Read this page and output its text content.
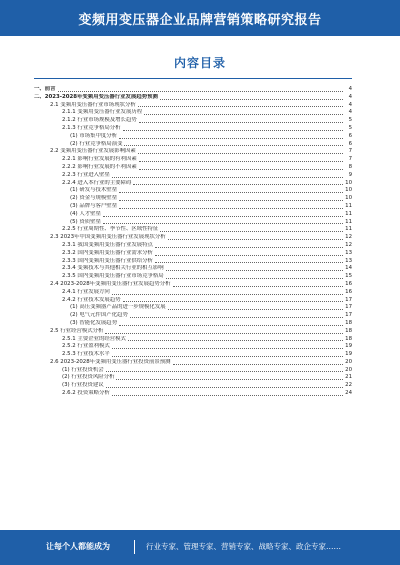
变频用变压器企业品牌营销策略研究报告
内容目录
一、前言	4
二、2023-2028年变频用变压器行业发展趋势预测	4
2.1 变频用变压器行业市场现状分析	4
2.1.1 变频用变压器行业发展历程	4
2.1.2 行业市场规模及增长趋势	5
2.1.3 行业竞争格局分析	5
(1) 市场集中度分析	6
(2) 行业竞争格局演变	6
2.2 变频用变压器行业发展影响因素	7
2.2.1 影响行业发展的有利因素	7
2.2.2 影响行业发展的不利因素	8
2.2.3 行业进入壁垒	9
2.2.4 进入本行业的主要障碍	10
(1) 研发与技术壁垒	10
(2) 资金与规模壁垒	10
(3) 品牌与客户壁垒	11
(4) 人才壁垒	11
(5) 资质壁垒	11
2.2.5 行业周期性、季节性、区域性特征	11
2.3 2023年中国变频用变压器行业发展现状分析	12
2.3.1 我国变频用变压器行业发展特点	12
2.3.2 国内变频用变压器行业需求分析	13
2.3.3 国内变频用变压器行业供给分析	13
2.3.4 变频技术与其他相关行业的相互影响	14
2.3.5 国内变频用变压器行业市场竞争格局	15
2.4 2023-2028年变频用变压器行业发展趋势分析	16
2.4.1 行业发展方向	16
2.4.2 行业技术发展趋势	17
(1) 高压变频器产品的进一步规模化发展	17
(2) 电气元件国产化趋势	17
(3) 智能化发展趋势	18
2.5 行业经营模式分析	18
2.5.1 主要企业的经营模式	18
2.5.2 行业盈利模式	19
2.5.3 行业技术水平	19
2.6 2023-2028年变频用变压器行业投资前景预测	20
(1) 行业投资机会	20
(2) 行业投资风险分析	21
(3) 行业投资建议	22
2.6.2 投资策略分析	24
让每个人都能成为	行业专家、管理专家、营销专家、战略专家、政企专家……
